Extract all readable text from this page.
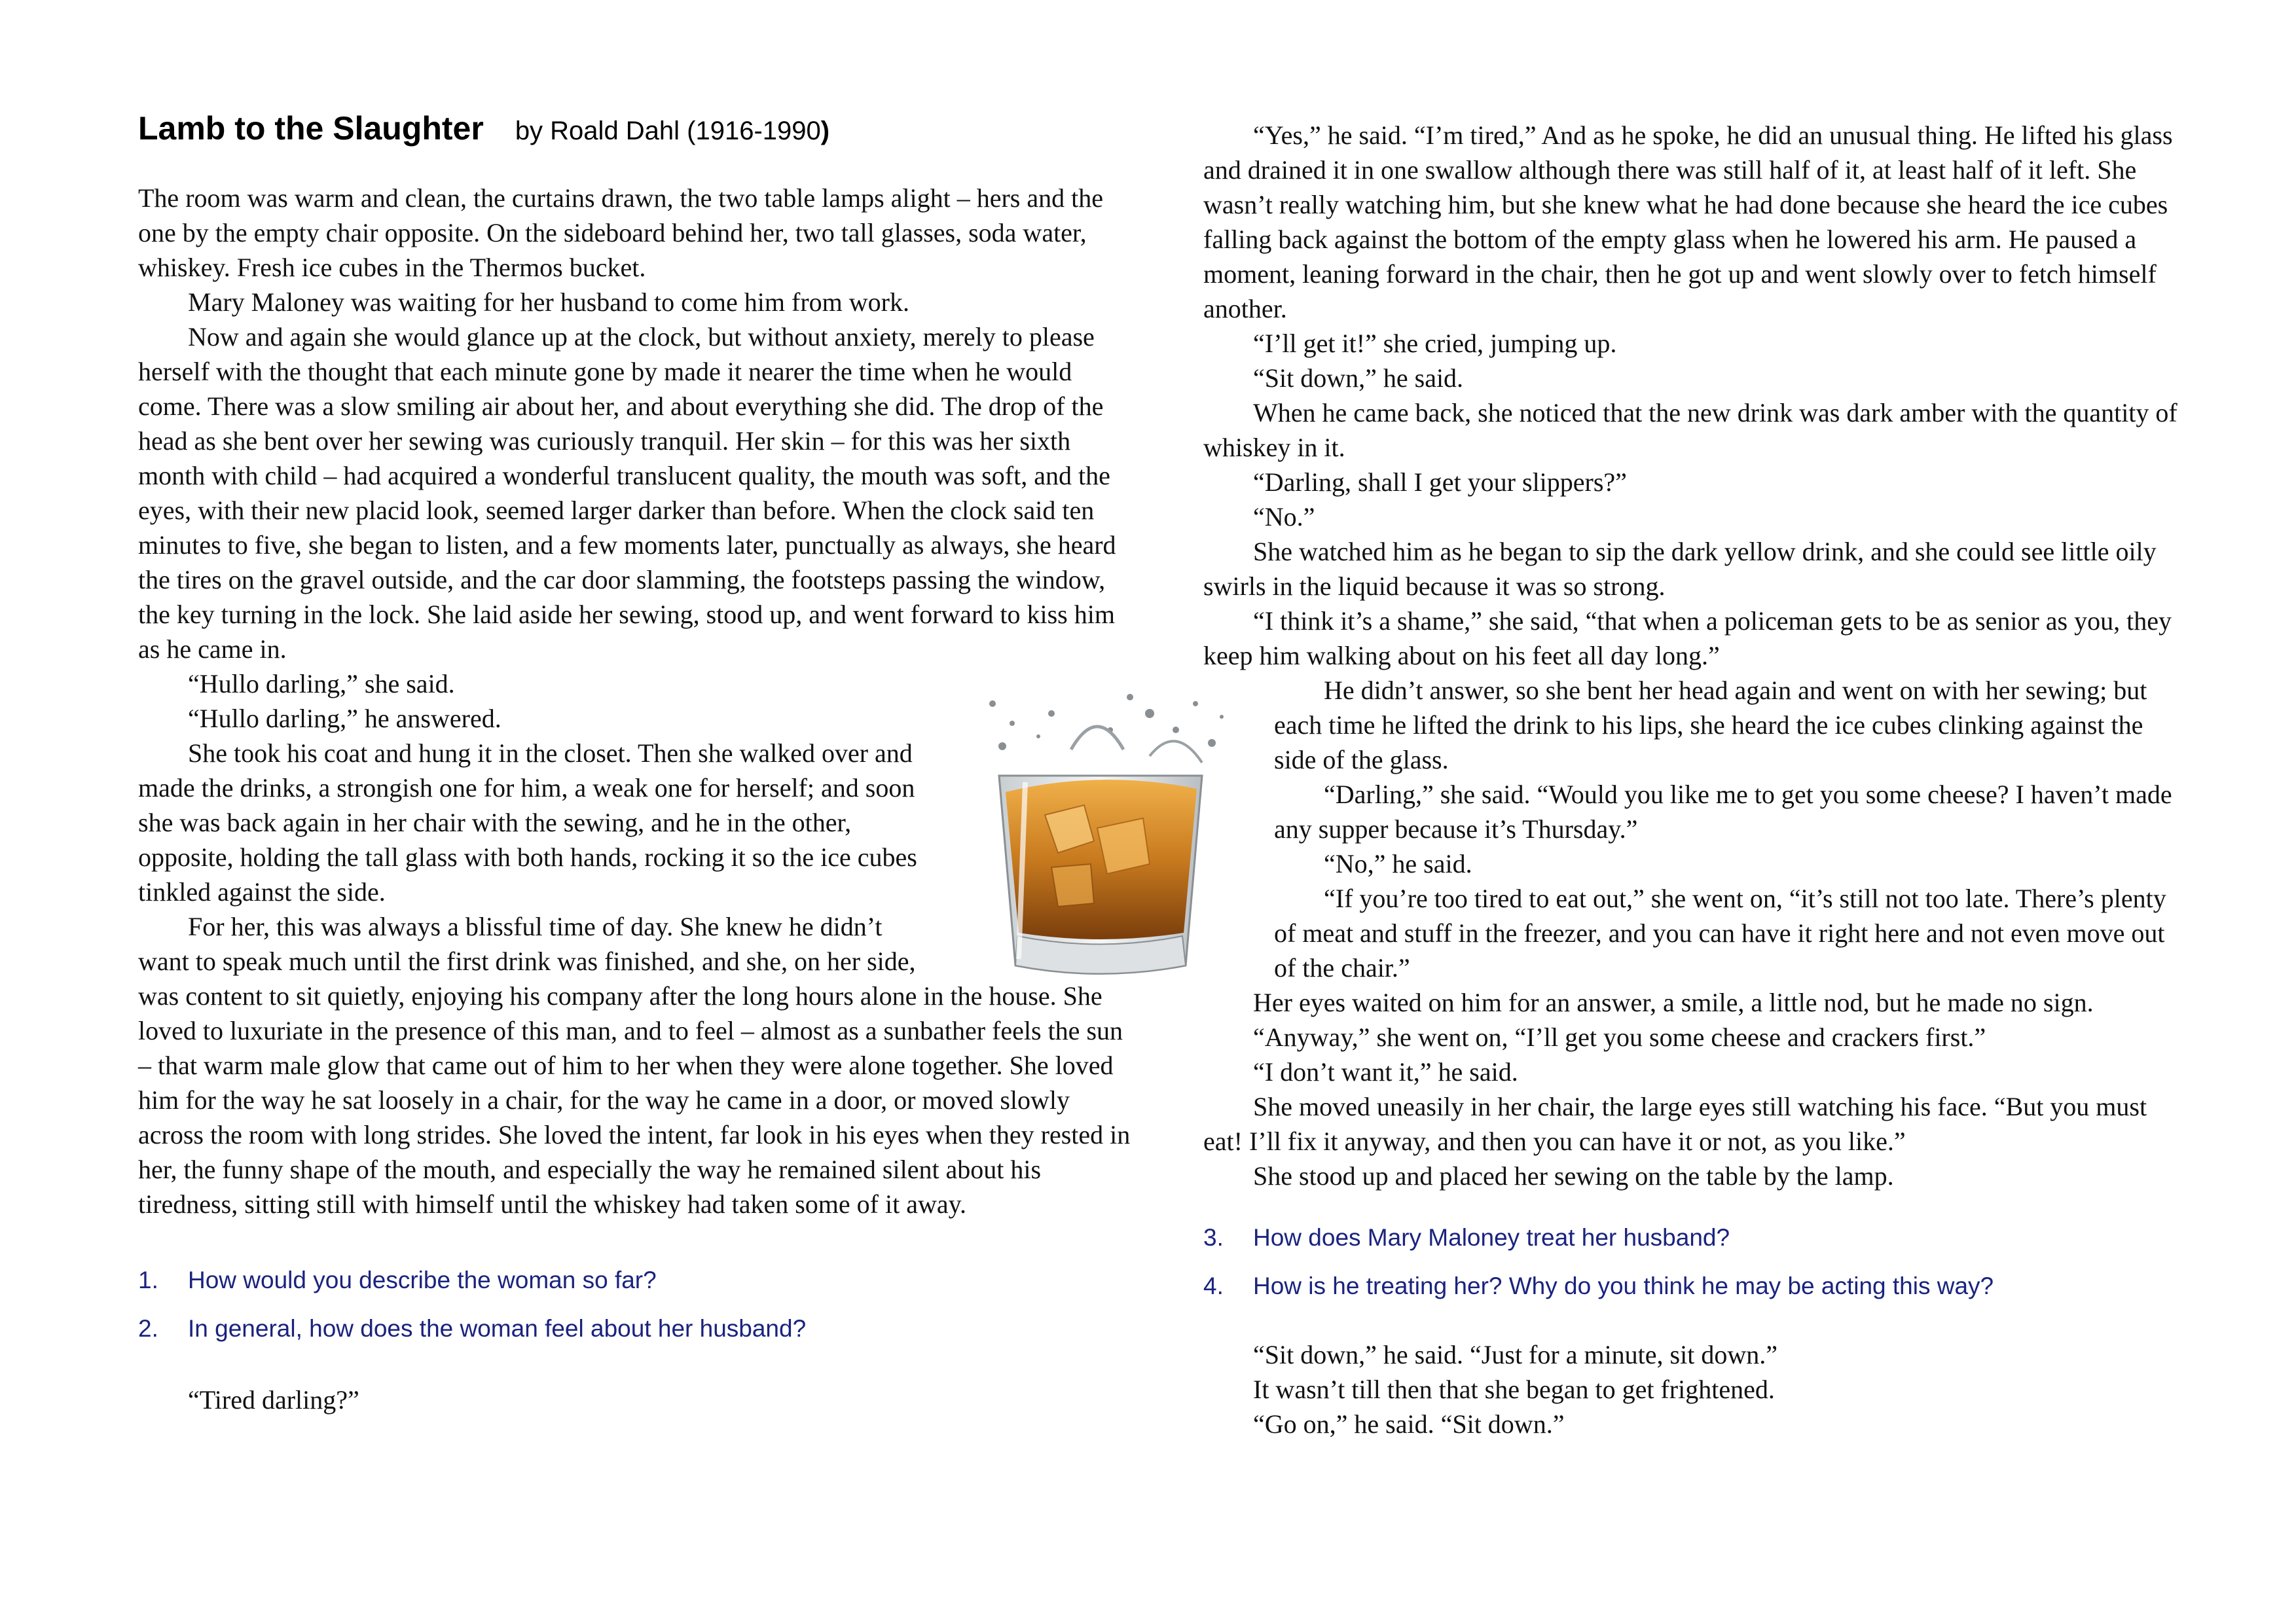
Lamb to the Slaughter by Roald Dahl (1916-1990)

The room was warm and clean, the curtains drawn, the two table lamps alight – hers and the one by the empty chair opposite. On the sideboard behind her, two tall glasses, soda water, whiskey. Fresh ice cubes in the Thermos bucket.

Mary Maloney was waiting for her husband to come him from work.

Now and again she would glance up at the clock, but without anxiety, merely to please herself with the thought that each minute gone by made it nearer the time when he would come. There was a slow smiling air about her, and about everything she did. The drop of the head as she bent over her sewing was curiously tranquil. Her skin – for this was her sixth month with child – had acquired a wonderful translucent quality, the mouth was soft, and the eyes, with their new placid look, seemed larger darker than before. When the clock said ten minutes to five, she began to listen, and a few moments later, punctually as always, she heard the tires on the gravel outside, and the car door slamming, the footsteps passing the window, the key turning in the lock. She laid aside her sewing, stood up, and went forward to kiss him as he came in.

“Hullo darling,” she said.

“Hullo darling,” he answered.

She took his coat and hung it in the closet. Then she walked over and made the drinks, a strongish one for him, a weak one for herself; and soon she was back again in her chair with the sewing, and he in the other, opposite, holding the tall glass with both hands, rocking it so the ice cubes tinkled against the side.

For her, this was always a blissful time of day. She knew he didn’t want to speak much until the first drink was finished, and she, on her side, was content to sit quietly, enjoying his company after the long hours alone in the house. She loved to luxuriate in the presence of this man, and to feel – almost as a sunbather feels the sun – that warm male glow that came out of him to her when they were alone together. She loved him for the way he sat loosely in a chair, for the way he came in a door, or moved slowly across the room with long strides. She loved the intent, far look in his eyes when they rested in her, the funny shape of the mouth, and especially the way he remained silent about his tiredness, sitting still with himself until the whiskey had taken some of it away.

1.	How would you describe the woman so far?
2.	In general, how does the woman feel about her husband?

“Tired darling?”

“Yes,” he said. “I’m tired,” And as he spoke, he did an unusual thing. He lifted his glass and drained it in one swallow although there was still half of it, at least half of it left. She wasn’t really watching him, but she knew what he had done because she heard the ice cubes falling back against the bottom of the empty glass when he lowered his arm. He paused a moment, leaning forward in the chair, then he got up and went slowly over to fetch himself another.

“I’ll get it!” she cried, jumping up.

“Sit down,” he said.

When he came back, she noticed that the new drink was dark amber with the quantity of whiskey in it.

“Darling, shall I get your slippers?”

“No.”

She watched him as he began to sip the dark yellow drink, and she could see little oily swirls in the liquid because it was so strong.

“I think it’s a shame,” she said, “that when a policeman gets to be as senior as you, they keep him walking about on his feet all day long.”

He didn’t answer, so she bent her head again and went on with her sewing; but each time he lifted the drink to his lips, she heard the ice cubes clinking against the side of the glass.

“Darling,” she said. “Would you like me to get you some cheese? I haven’t made any supper because it’s Thursday.”

“No,” he said.

“If you’re too tired to eat out,” she went on, “it’s still not too late. There’s plenty of meat and stuff in the freezer, and you can have it right here and not even move out of the chair.”

Her eyes waited on him for an answer, a smile, a little nod, but he made no sign.

“Anyway,” she went on, “I’ll get you some cheese and crackers first.”

“I don’t want it,” he said.

She moved uneasily in her chair, the large eyes still watching his face. “But you must eat! I’ll fix it anyway, and then you can have it or not, as you like.”

She stood up and placed her sewing on the table by the lamp.

3.	How does Mary Maloney treat her husband?
4.	How is he treating her? Why do you think he may be acting this way?

“Sit down,” he said. “Just for a minute, sit down.”

It wasn’t till then that she began to get frightened.

“Go on,” he said. “Sit down.”
